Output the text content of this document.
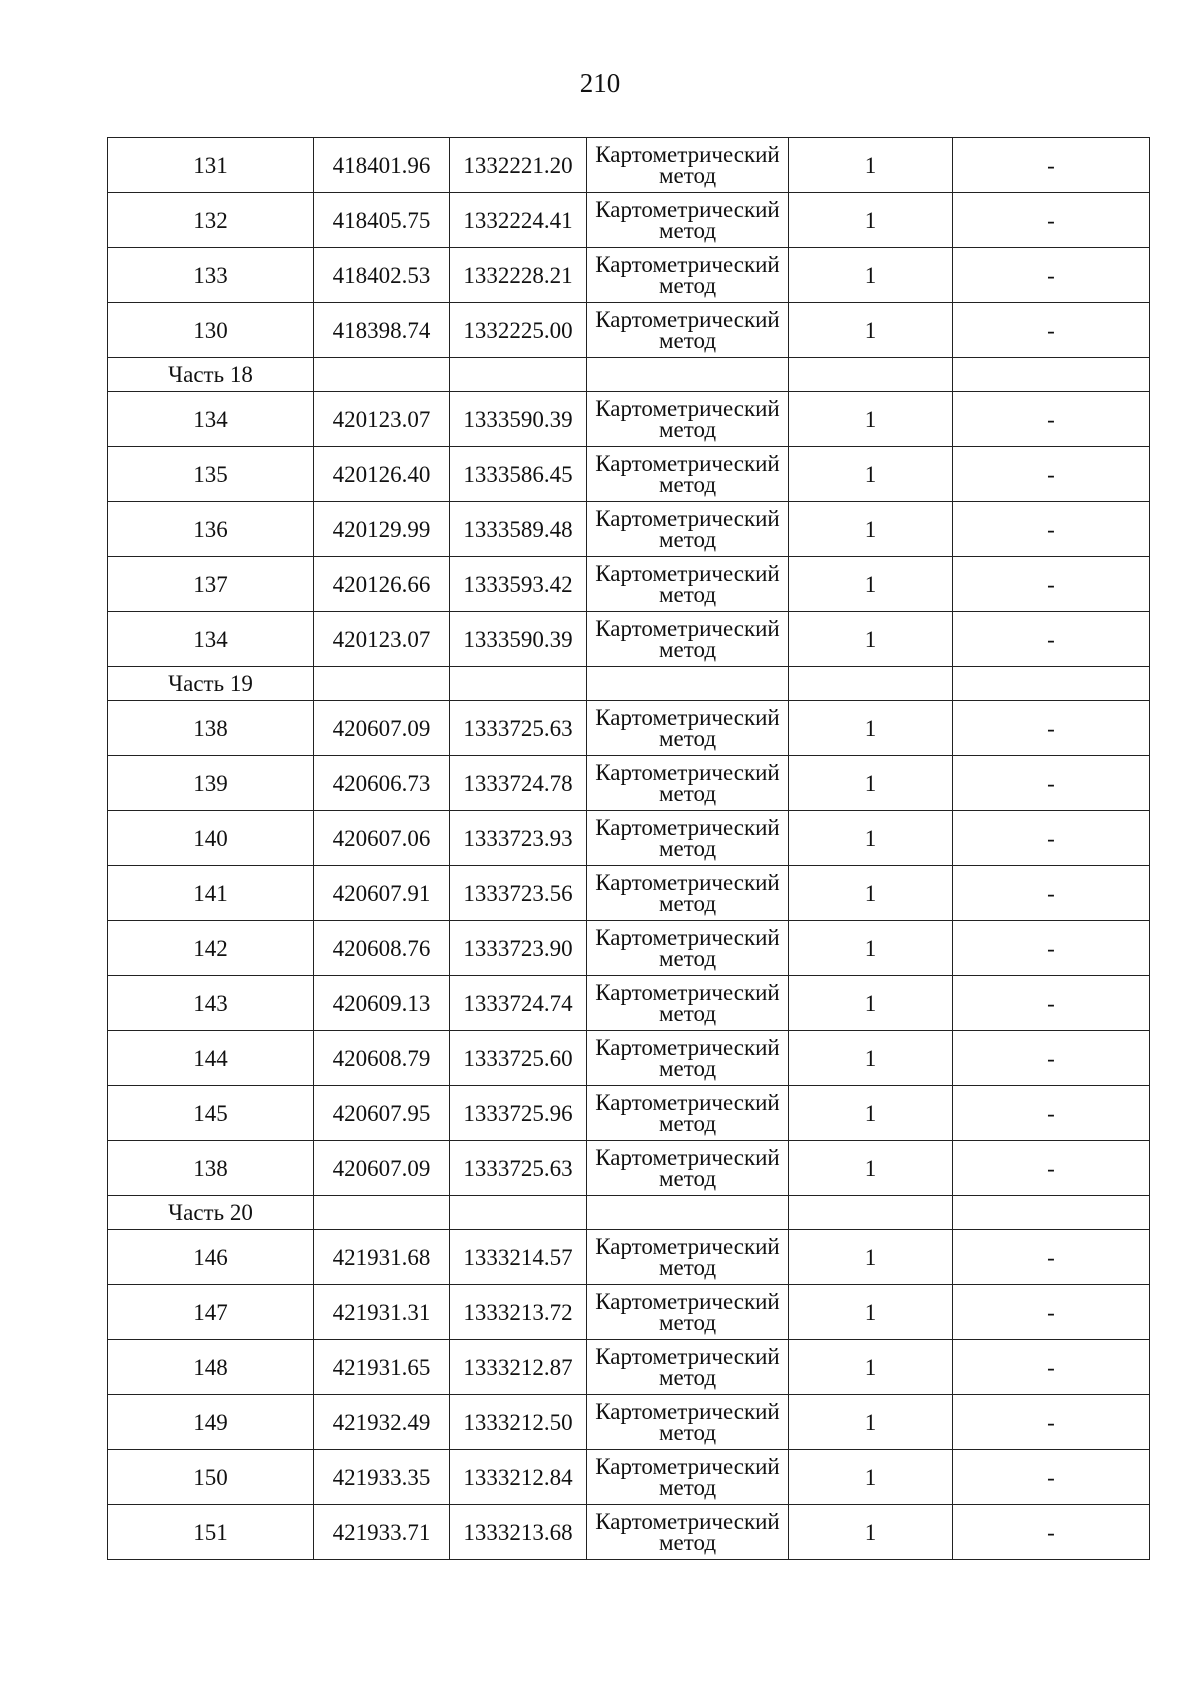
210
131	418401.96	1332221.20	Картометрический
метод	1	-
132	418405.75	1332224.41	Картометрический
метод	1	-
133	418402.53	1332228.21	Картометрический
метод	1	-
130	418398.74	1332225.00	Картометрический
метод	1	-
Часть 18					
134	420123.07	1333590.39	Картометрический
метод	1	-
135	420126.40	1333586.45	Картометрический
метод	1	-
136	420129.99	1333589.48	Картометрический
метод	1	-
137	420126.66	1333593.42	Картометрический
метод	1	-
134	420123.07	1333590.39	Картометрический
метод	1	-
Часть 19					
138	420607.09	1333725.63	Картометрический
метод	1	-
139	420606.73	1333724.78	Картометрический
метод	1	-
140	420607.06	1333723.93	Картометрический
метод	1	-
141	420607.91	1333723.56	Картометрический
метод	1	-
142	420608.76	1333723.90	Картометрический
метод	1	-
143	420609.13	1333724.74	Картометрический
метод	1	-
144	420608.79	1333725.60	Картометрический
метод	1	-
145	420607.95	1333725.96	Картометрический
метод	1	-
138	420607.09	1333725.63	Картометрический
метод	1	-
Часть 20					
146	421931.68	1333214.57	Картометрический
метод	1	-
147	421931.31	1333213.72	Картометрический
метод	1	-
148	421931.65	1333212.87	Картометрический
метод	1	-
149	421932.49	1333212.50	Картометрический
метод	1	-
150	421933.35	1333212.84	Картометрический
метод	1	-
151	421933.71	1333213.68	Картометрический
метод	1	-
